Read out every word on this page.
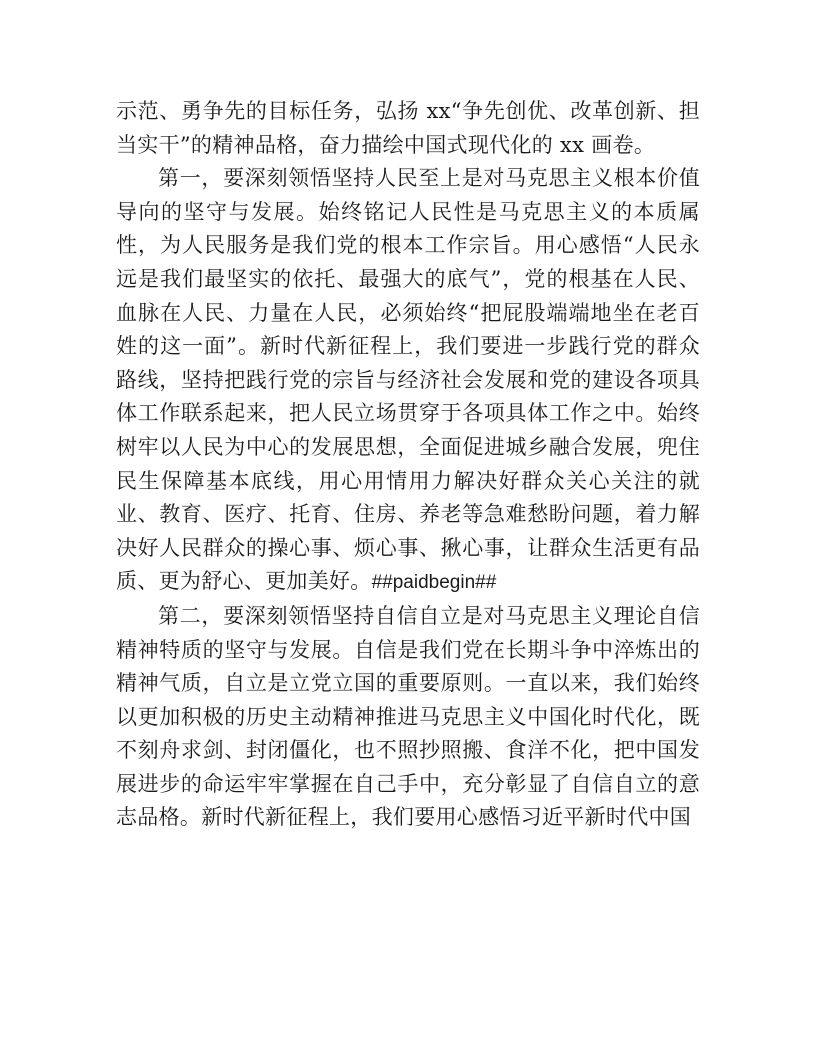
示范、勇争先的目标任务，弘扬 xx“争先创优、改革创新、担当实干”的精神品格，奋力描绘中国式现代化的 xx 画卷。

第一，要深刻领悟坚持人民至上是对马克思主义根本价值导向的坚守与发展。始终铭记人民性是马克思主义的本质属性，为人民服务是我们党的根本工作宗旨。用心感悟“人民永远是我们最坚实的依托、最强大的底气”，党的根基在人民、血脉在人民、力量在人民，必须始终“把屁股端端地坐在老百姓的这一面”。新时代新征程上，我们要进一步践行党的群众路线，坚持把践行党的宗旨与经济社会发展和党的建设各项具体工作联系起来，把人民立场贯穿于各项具体工作之中。始终树牢以人民为中心的发展思想，全面促进城乡融合发展，兜住民生保障基本底线，用心用情用力解决好群众关心关注的就业、教育、医疗、托育、住房、养老等急难愁盼问题，着力解决好人民群众的操心事、烦心事、揪心事，让群众生活更有品质、更为舒心、更加美好。##paidbegin##

第二，要深刻领悟坚持自信自立是对马克思主义理论自信精神特质的坚守与发展。自信是我们党在长期斗争中淬炼出的精神气质，自立是立党立国的重要原则。一直以来，我们始终以更加积极的历史主动精神推进马克思主义中国化时代化，既不刻舟求剑、封闭僵化，也不照抄照搬、食洋不化，把中国发展进步的命运牢牢掌握在自己手中，充分彰显了自信自立的意志品格。新时代新征程上，我们要用心感悟习近平新时代中国
